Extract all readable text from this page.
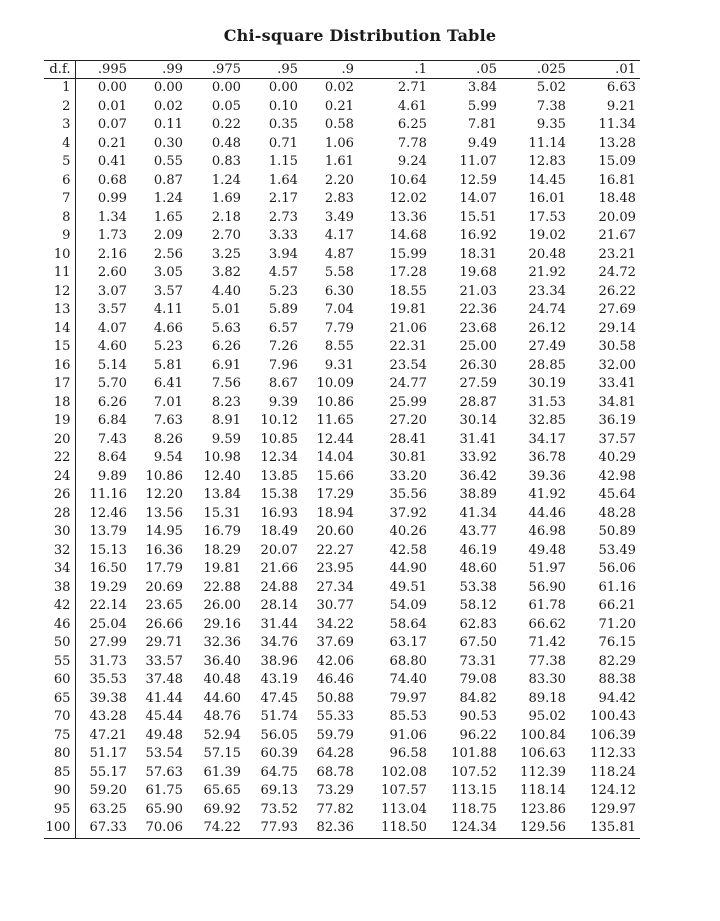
Chi-square Distribution Table
d.f.	.995	.99	.975	.95	.9	.1	.05	.025	.01
1	0.00	0.00	0.00	0.00	0.02	2.71	3.84	5.02	6.63
2	0.01	0.02	0.05	0.10	0.21	4.61	5.99	7.38	9.21
3	0.07	0.11	0.22	0.35	0.58	6.25	7.81	9.35	11.34
4	0.21	0.30	0.48	0.71	1.06	7.78	9.49	11.14	13.28
5	0.41	0.55	0.83	1.15	1.61	9.24	11.07	12.83	15.09
6	0.68	0.87	1.24	1.64	2.20	10.64	12.59	14.45	16.81
7	0.99	1.24	1.69	2.17	2.83	12.02	14.07	16.01	18.48
8	1.34	1.65	2.18	2.73	3.49	13.36	15.51	17.53	20.09
9	1.73	2.09	2.70	3.33	4.17	14.68	16.92	19.02	21.67
10	2.16	2.56	3.25	3.94	4.87	15.99	18.31	20.48	23.21
11	2.60	3.05	3.82	4.57	5.58	17.28	19.68	21.92	24.72
12	3.07	3.57	4.40	5.23	6.30	18.55	21.03	23.34	26.22
13	3.57	4.11	5.01	5.89	7.04	19.81	22.36	24.74	27.69
14	4.07	4.66	5.63	6.57	7.79	21.06	23.68	26.12	29.14
15	4.60	5.23	6.26	7.26	8.55	22.31	25.00	27.49	30.58
16	5.14	5.81	6.91	7.96	9.31	23.54	26.30	28.85	32.00
17	5.70	6.41	7.56	8.67	10.09	24.77	27.59	30.19	33.41
18	6.26	7.01	8.23	9.39	10.86	25.99	28.87	31.53	34.81
19	6.84	7.63	8.91	10.12	11.65	27.20	30.14	32.85	36.19
20	7.43	8.26	9.59	10.85	12.44	28.41	31.41	34.17	37.57
22	8.64	9.54	10.98	12.34	14.04	30.81	33.92	36.78	40.29
24	9.89	10.86	12.40	13.85	15.66	33.20	36.42	39.36	42.98
26	11.16	12.20	13.84	15.38	17.29	35.56	38.89	41.92	45.64
28	12.46	13.56	15.31	16.93	18.94	37.92	41.34	44.46	48.28
30	13.79	14.95	16.79	18.49	20.60	40.26	43.77	46.98	50.89
32	15.13	16.36	18.29	20.07	22.27	42.58	46.19	49.48	53.49
34	16.50	17.79	19.81	21.66	23.95	44.90	48.60	51.97	56.06
38	19.29	20.69	22.88	24.88	27.34	49.51	53.38	56.90	61.16
42	22.14	23.65	26.00	28.14	30.77	54.09	58.12	61.78	66.21
46	25.04	26.66	29.16	31.44	34.22	58.64	62.83	66.62	71.20
50	27.99	29.71	32.36	34.76	37.69	63.17	67.50	71.42	76.15
55	31.73	33.57	36.40	38.96	42.06	68.80	73.31	77.38	82.29
60	35.53	37.48	40.48	43.19	46.46	74.40	79.08	83.30	88.38
65	39.38	41.44	44.60	47.45	50.88	79.97	84.82	89.18	94.42
70	43.28	45.44	48.76	51.74	55.33	85.53	90.53	95.02	100.43
75	47.21	49.48	52.94	56.05	59.79	91.06	96.22	100.84	106.39
80	51.17	53.54	57.15	60.39	64.28	96.58	101.88	106.63	112.33
85	55.17	57.63	61.39	64.75	68.78	102.08	107.52	112.39	118.24
90	59.20	61.75	65.65	69.13	73.29	107.57	113.15	118.14	124.12
95	63.25	65.90	69.92	73.52	77.82	113.04	118.75	123.86	129.97
100	67.33	70.06	74.22	77.93	82.36	118.50	124.34	129.56	135.81
